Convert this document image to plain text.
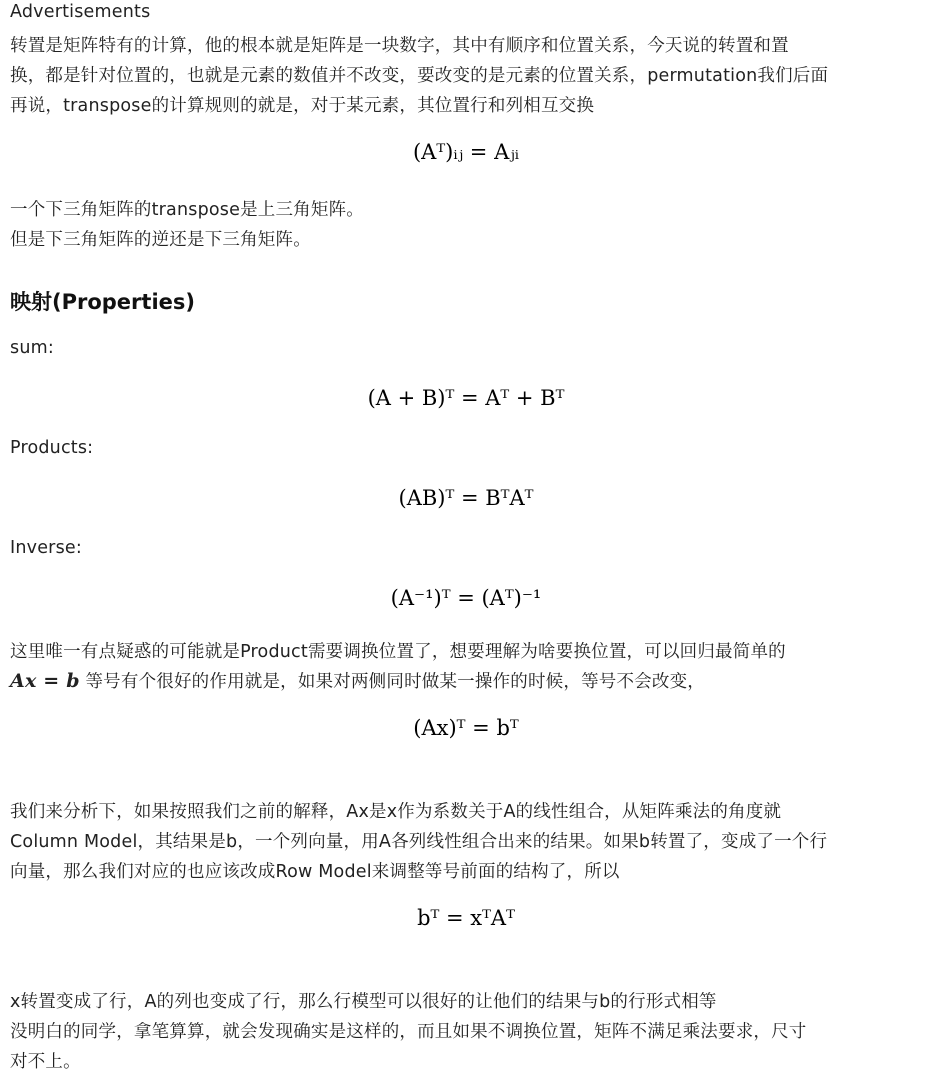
Advertisements
转置是矩阵特有的计算，他的根本就是矩阵是一块数字，其中有顺序和位置关系，今天说的转置和置
换，都是针对位置的，也就是元素的数值并不改变，要改变的是元素的位置关系，permutation我们后面
再说，transpose的计算规则的就是，对于某元素，其位置行和列相互交换
(Aᵀ)ᵢⱼ = Aⱼᵢ
一个下三角矩阵的transpose是上三角矩阵。
但是下三角矩阵的逆还是下三角矩阵。
映射(Properties)
sum:
(A + B)ᵀ = Aᵀ + Bᵀ
Products:
(AB)ᵀ = BᵀAᵀ
Inverse:
(A⁻¹)ᵀ = (Aᵀ)⁻¹
这里唯一有点疑惑的可能就是Product需要调换位置了，想要理解为啥要换位置，可以回归最简单的
Ax = b 等号有个很好的作用就是，如果对两侧同时做某一操作的时候，等号不会改变，
(Ax)ᵀ = bᵀ
我们来分析下，如果按照我们之前的解释，Ax是x作为系数关于A的线性组合，从矩阵乘法的角度就
Column Model，其结果是b，一个列向量，用A各列线性组合出来的结果。如果b转置了，变成了一个行
向量，那么我们对应的也应该改成Row Model来调整等号前面的结构了，所以
bᵀ = xᵀAᵀ
x转置变成了行，A的列也变成了行，那么行模型可以很好的让他们的结果与b的行形式相等
没明白的同学，拿笔算算，就会发现确实是这样的，而且如果不调换位置，矩阵不满足乘法要求，尺寸
对不上。
